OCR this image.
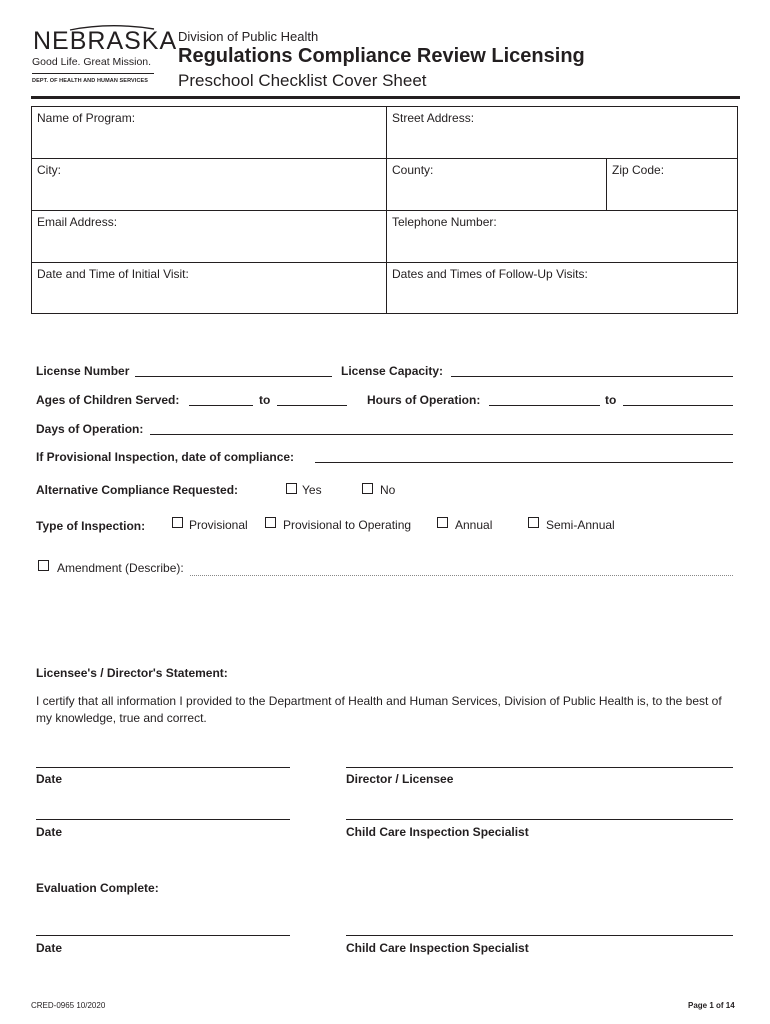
NEBRASKA
Good Life. Great Mission.
DEPT. OF HEALTH AND HUMAN SERVICES
Division of Public Health
Regulations Compliance Review Licensing
Preschool Checklist Cover Sheet
Name of Program:	Street Address:
City:	County:	Zip Code:
Email Address:	Telephone Number:
Date and Time of Initial Visit:	Dates and Times of Follow-Up Visits:
License Number	License Capacity:
Ages of Children Served:	to	Hours of Operation:	to
Days of Operation:
If Provisional Inspection, date of compliance:
Alternative Compliance Requested:	Yes	No
Type of Inspection:	Provisional	Provisional to Operating	Annual	Semi-Annual
Amendment (Describe):
Licensee's / Director's Statement:
I certify that all information I provided to the Department of Health and Human Services, Division of Public Health is, to the best of my knowledge, true and correct.
Date	Director / Licensee
Date	Child Care Inspection Specialist
Evaluation Complete:
Date	Child Care Inspection Specialist
CRED-0965 10/2020	Page 1 of 14
